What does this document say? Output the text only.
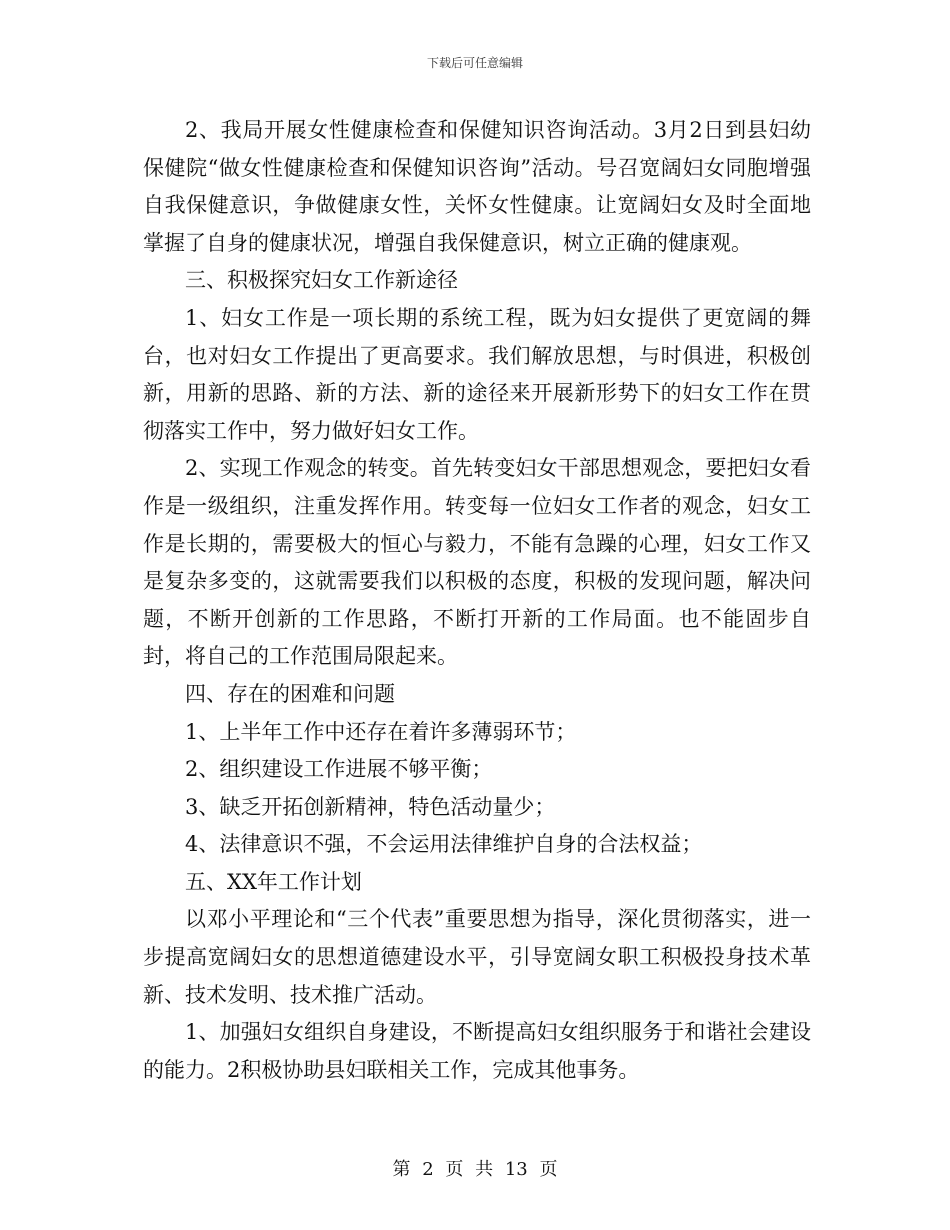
下载后可任意编辑

2、我局开展女性健康检查和保健知识咨询活动。3月2日到县妇幼保健院“做女性健康检查和保健知识咨询”活动。号召宽阔妇女同胞增强自我保健意识，争做健康女性，关怀女性健康。让宽阔妇女及时全面地掌握了自身的健康状况，增强自我保健意识，树立正确的健康观。

三、积极探究妇女工作新途径

1、妇女工作是一项长期的系统工程，既为妇女提供了更宽阔的舞台，也对妇女工作提出了更高要求。我们解放思想，与时俱进，积极创新，用新的思路、新的方法、新的途径来开展新形势下的妇女工作在贯彻落实工作中，努力做好妇女工作。

2、实现工作观念的转变。首先转变妇女干部思想观念，要把妇女看作是一级组织，注重发挥作用。转变每一位妇女工作者的观念，妇女工作是长期的，需要极大的恒心与毅力，不能有急躁的心理，妇女工作又是复杂多变的，这就需要我们以积极的态度，积极的发现问题，解决问题，不断开创新的工作思路，不断打开新的工作局面。也不能固步自封，将自己的工作范围局限起来。

四、存在的困难和问题

1、上半年工作中还存在着许多薄弱环节；

2、组织建设工作进展不够平衡；

3、缺乏开拓创新精神，特色活动量少；

4、法律意识不强，不会运用法律维护自身的合法权益；

五、XX年工作计划

以邓小平理论和“三个代表”重要思想为指导，深化贯彻落实，进一步提高宽阔妇女的思想道德建设水平，引导宽阔女职工积极投身技术革新、技术发明、技术推广活动。

1、加强妇女组织自身建设，不断提高妇女组织服务于和谐社会建设的能力。2积极协助县妇联相关工作，完成其他事务。

第 2 页 共 13 页
